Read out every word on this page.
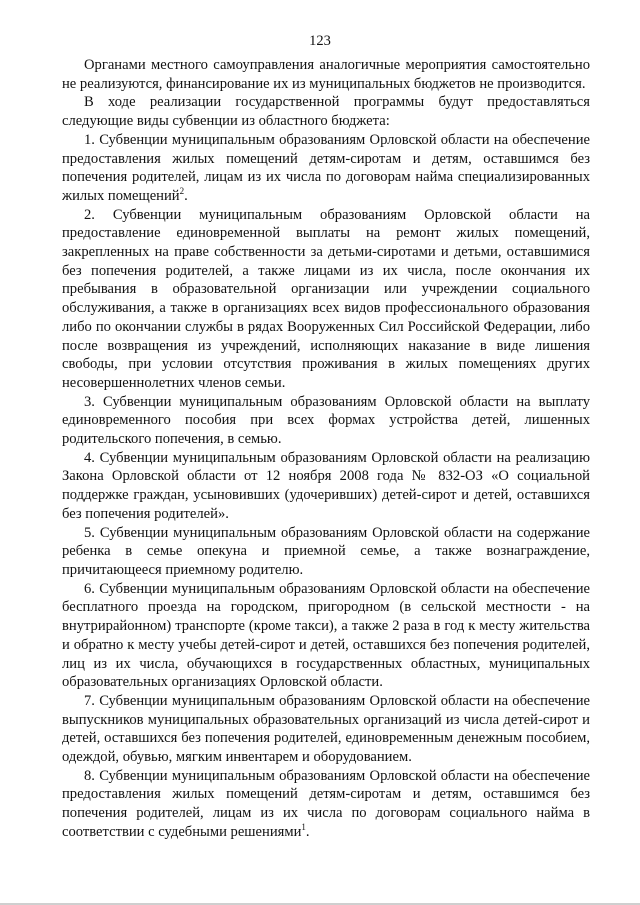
123

Органами местного самоуправления аналогичные мероприятия самостоятельно не реализуются, финансирование их из муниципальных бюджетов не производится.

В ходе реализации государственной программы будут предоставляться следующие виды субвенции из областного бюджета:

1. Субвенции муниципальным образованиям Орловской области на обеспечение предоставления жилых помещений детям-сиротам и детям, оставшимся без попечения родителей, лицам из их числа по договорам найма специализированных жилых помещений$^2$.

2. Субвенции муниципальным образованиям Орловской области на предоставление единовременной выплаты на ремонт жилых помещений, закрепленных на праве собственности за детьми-сиротами и детьми, оставшимися без попечения родителей, а также лицами из их числа, после окончания их пребывания в образовательной организации или учреждении социального обслуживания, а также в организациях всех видов профессионального образования либо по окончании службы в рядах Вооруженных Сил Российской Федерации, либо после возвращения из учреждений, исполняющих наказание в виде лишения свободы, при условии отсутствия проживания в жилых помещениях других несовершеннолетних членов семьи.

3. Субвенции муниципальным образованиям Орловской области на выплату единовременного пособия при всех формах устройства детей, лишенных родительского попечения, в семью.

4. Субвенции муниципальным образованиям Орловской области на реализацию Закона Орловской области от 12 ноября 2008 года № 832-ОЗ «О социальной поддержке граждан, усыновивших (удочеривших) детей-сирот и детей, оставшихся без попечения родителей».

5. Субвенции муниципальным образованиям Орловской области на содержание ребенка в семье опекуна и приемной семье, а также вознаграждение, причитающееся приемному родителю.

6. Субвенции муниципальным образованиям Орловской области на обеспечение бесплатного проезда на городском, пригородном (в сельской местности - на внутрирайонном) транспорте (кроме такси), а также 2 раза в год к месту жительства и обратно к месту учебы детей-сирот и детей, оставшихся без попечения родителей, лиц из их числа, обучающихся в государственных областных, муниципальных образовательных организациях Орловской области.

7. Субвенции муниципальным образованиям Орловской области на обеспечение выпускников муниципальных образовательных организаций из числа детей-сирот и детей, оставшихся без попечения родителей, единовременным денежным пособием, одеждой, обувью, мягким инвентарем и оборудованием.

8. Субвенции муниципальным образованиям Орловской области на обеспечение предоставления жилых помещений детям-сиротам и детям, оставшимся без попечения родителей, лицам из их числа по договорам социального найма в соответствии с судебными решениями$^1$.
